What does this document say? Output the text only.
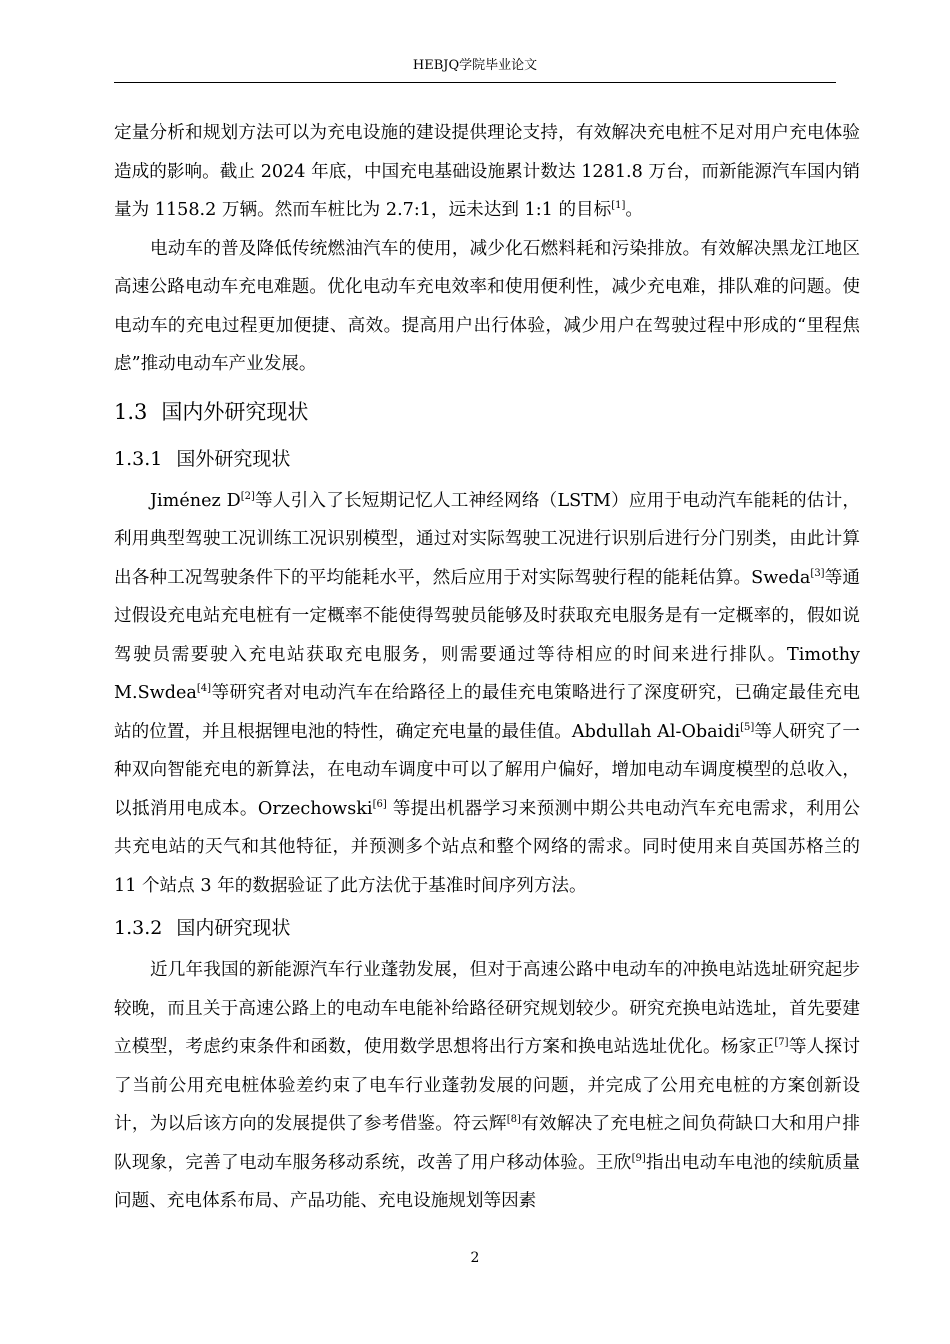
HEBJQ学院毕业论文

定量分析和规划方法可以为充电设施的建设提供理论支持，有效解决充电桩不足对用户充电体验造成的影响。截止 2024 年底，中国充电基础设施累计数达 1281.8 万台，而新能源汽车国内销量为 1158.2 万辆。然而车桩比为 2.7:1，远未达到 1:1 的目标[1]。

电动车的普及降低传统燃油汽车的使用，减少化石燃料耗和污染排放。有效解决黑龙江地区高速公路电动车充电难题。优化电动车充电效率和使用便利性，减少充电难，排队难的问题。使电动车的充电过程更加便捷、高效。提高用户出行体验，减少用户在驾驶过程中形成的“里程焦虑”推动电动车产业发展。

1.3 国内外研究现状
1.3.1 国外研究现状

Jiménez D[2]等人引入了长短期记忆人工神经网络（LSTM）应用于电动汽车能耗的估计，利用典型驾驶工况训练工况识别模型，通过对实际驾驶工况进行识别后进行分门别类，由此计算出各种工况驾驶条件下的平均能耗水平，然后应用于对实际驾驶行程的能耗估算。Sweda[3]等通过假设充电站充电桩有一定概率不能使得驾驶员能够及时获取充电服务是有一定概率的，假如说驾驶员需要驶入充电站获取充电服务，则需要通过等待相应的时间来进行排队。Timothy M.Swdea[4]等研究者对电动汽车在给路径上的最佳充电策略进行了深度研究，已确定最佳充电站的位置，并且根据锂电池的特性，确定充电量的最佳值。Abdullah Al-Obaidi[5]等人研究了一种双向智能充电的新算法，在电动车调度中可以了解用户偏好，增加电动车调度模型的总收入，以抵消用电成本。Orzechowski[6] 等提出机器学习来预测中期公共电动汽车充电需求，利用公共充电站的天气和其他特征，并预测多个站点和整个网络的需求。同时使用来自英国苏格兰的 11 个站点 3 年的数据验证了此方法优于基准时间序列方法。

1.3.2 国内研究现状

近几年我国的新能源汽车行业蓬勃发展，但对于高速公路中电动车的冲换电站选址研究起步较晚，而且关于高速公路上的电动车电能补给路径研究规划较少。研究充换电站选址，首先要建立模型，考虑约束条件和函数，使用数学思想将出行方案和换电站选址优化。杨家正[7]等人探讨了当前公用充电桩体验差约束了电车行业蓬勃发展的问题，并完成了公用充电桩的方案创新设计，为以后该方向的发展提供了参考借鉴。符云辉[8]有效解决了充电桩之间负荷缺口大和用户排队现象，完善了电动车服务移动系统，改善了用户移动体验。王欣[9]指出电动车电池的续航质量问题、充电体系布局、产品功能、充电设施规划等因素

2
